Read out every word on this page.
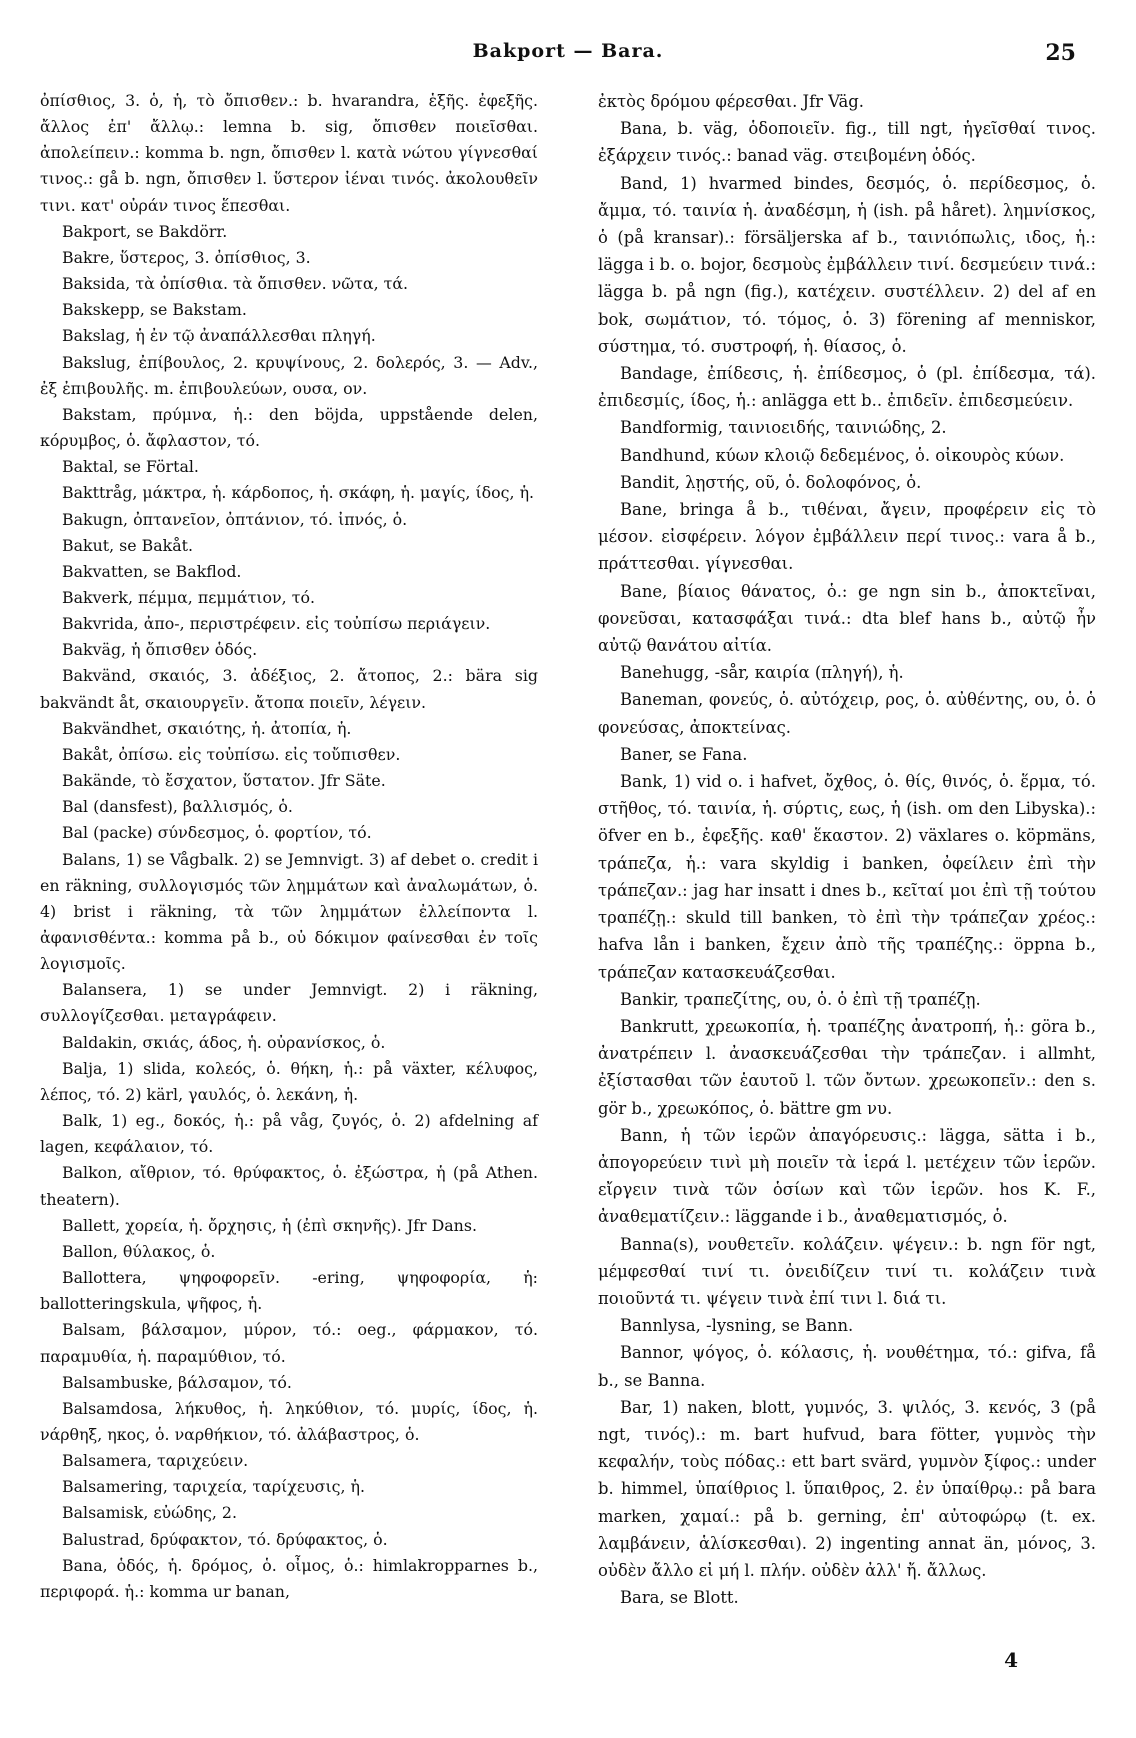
Bakport — Bara.	25

ὀπίσθιος, 3. ὁ, ἡ, τὸ ὄπισθεν.: b. hvarandra, ἑξῆς. ἐφεξῆς. ἄλλος ἐπ' ἄλλῳ.: lemna b. sig, ὄπισθεν ποιεῖσθαι. ἀπολείπειν.: komma b. ngn, ὄπισθεν l. κατὰ νώτου γίγνεσθαί τινος.: gå b. ngn, ὄπισθεν l. ὕστερον ἰέναι τινός. ἀκολουθεῖν τινι. κατ' οὐράν τινος ἕπεσθαι.

Bakport, se Bakdörr.

Bakre, ὕστερος, 3. ὀπίσθιος, 3.

Baksida, τὰ ὀπίσθια. τὰ ὄπισθεν. νῶτα, τά.

Bakskepp, se Bakstam.

Bakslag, ἡ ἐν τῷ ἀναπάλλεσθαι πληγή.

Bakslug, ἐπίβουλος, 2. κρυψίνους, 2. δολερός, 3. — Adv., ἐξ ἐπιβουλῆς. m. ἐπιβουλεύων, ουσα, ον.

Bakstam, πρύμνα, ἡ.: den böjda, uppstående delen, κόρυμβος, ὁ. ἄφλαστον, τό.

Baktal, se Förtal.

Bakttråg, μάκτρα, ἡ. κάρδοπος, ἡ. σκάφη, ἡ. μαγίς, ίδος, ἡ.

Bakugn, ὀπτανεῖον, ὀπτάνιον, τό. ἰπνός, ὁ.

Bakut, se Bakåt.

Bakvatten, se Bakflod.

Bakverk, πέμμα, πεμμάτιον, τό.

Bakvrida, ἀπο-, περιστρέφειν. εἰς τοὐπίσω περιάγειν.

Bakväg, ἡ ὄπισθεν ὁδός.

Bakvänd, σκαιός, 3. ἀδέξιος, 2. ἄτοπος, 2.: bära sig bakvändt åt, σκαιουργεῖν. ἄτοπα ποιεῖν, λέγειν.

Bakvändhet, σκαιότης, ἡ. ἀτοπία, ἡ.

Bakåt, ὀπίσω. εἰς τοὐπίσω. εἰς τοὔπισθεν.

Bakände, τὸ ἔσχατον, ὕστατον. Jfr Säte.

Bal (dansfest), βαλλισμός, ὁ.

Bal (packe) σύνδεσμος, ὁ. φορτίον, τό.

Balans, 1) se Vågbalk. 2) se Jemnvigt. 3) af debet o. credit i en räkning, συλλογισμός τῶν λημμάτων καὶ ἀναλωμάτων, ὁ. 4) brist i räkning, τὰ τῶν λημμάτων ἐλλείποντα l. ἀφανισθέντα.: komma på b., οὐ δόκιμον φαίνεσθαι ἐν τοῖς λογισμοῖς.

Balansera, 1) se under Jemnvigt. 2) i räkning, συλλογίζεσθαι. μεταγράφειν.

Baldakin, σκιάς, άδος, ἡ. οὐρανίσκος, ὁ.

Balja, 1) slida, κολεός, ὁ. θήκη, ἡ.: på växter, κέλυφος, λέπος, τό. 2) kärl, γαυλός, ὁ. λεκάνη, ἡ.

Balk, 1) eg., δοκός, ἡ.: på våg, ζυγός, ὁ. 2) afdelning af lagen, κεφάλαιον, τό.

Balkon, αἴθριον, τό. θρύφακτος, ὁ. ἐξώστρα, ἡ (på Athen. theatern).

Ballett, χορεία, ἡ. ὄρχησις, ἡ (ἐπὶ σκηνῆς). Jfr Dans.

Ballon, θύλακος, ὁ.

Ballottera, ψηφοφορεῖν. -ering, ψηφοφορία, ἡ: ballotteringskula, ψῆφος, ἡ.

Balsam, βάλσαμον, μύρον, τό.: oeg., φάρμακον, τό. παραμυθία, ἡ. παραμύθιον, τό.

Balsambuske, βάλσαμον, τό.

Balsamdosa, λήκυθος, ἡ. ληκύθιον, τό. μυρίς, ίδος, ἡ. νάρθηξ, ηκος, ὁ. ναρθήκιον, τό. ἀλάβαστρος, ὁ.

Balsamera, ταριχεύειν.

Balsamering, ταριχεία, ταρίχευσις, ἡ.

Balsamisk, εὐώδης, 2.

Balustrad, δρύφακτον, τό. δρύφακτος, ὁ.

Bana, ὁδός, ἡ. δρόμος, ὁ. οἶμος, ὁ.: himlakropparnes b., περιφορά. ἡ.: komma ur banan,

ἐκτὸς δρόμου φέρεσθαι. Jfr Väg.

Bana, b. väg, ὁδοποιεῖν. fig., till ngt, ἡγεῖσθαί τινος. ἐξάρχειν τινός.: banad väg. στειβομένη ὁδός.

Band, 1) hvarmed bindes, δεσμός, ὁ. περίδεσμος, ὁ. ἄμμα, τό. ταινία ἡ. ἀναδέσμη, ἡ (ish. på håret). λημνίσκος, ὁ (på kransar).: försäljerska af b., ταινιόπωλις, ιδος, ἡ.: lägga i b. o. bojor, δεσμοὺς ἐμβάλλειν τινί. δεσμεύειν τινά.: lägga b. på ngn (fig.), κατέχειν. συστέλλειν. 2) del af en bok, σωμάτιον, τό. τόμος, ὁ. 3) förening af menniskor, σύστημα, τό. συστροφή, ἡ. θίασος, ὁ.

Bandage, ἐπίδεσις, ἡ. ἐπίδεσμος, ὁ (pl. ἐπίδεσμα, τά). ἐπιδεσμίς, ίδος, ἡ.: anlägga ett b.. ἐπιδεῖν. ἐπιδεσμεύειν.

Bandformig, ταινιοειδής, ταινιώδης, 2.

Bandhund, κύων κλοιῷ δεδεμένος, ὁ. οἰκουρὸς κύων.

Bandit, λῃστής, οῦ, ὁ. δολοφόνος, ὁ.

Bane, bringa å b., τιθέναι, ἄγειν, προφέρειν εἰς τὸ μέσον. εἰσφέρειν. λόγον ἐμβάλλειν περί τινος.: vara å b., πράττεσθαι. γίγνεσθαι.

Bane, βίαιος θάνατος, ὁ.: ge ngn sin b., ἀποκτεῖναι, φονεῦσαι, κατασφάξαι τινά.: dta blef hans b., αὐτῷ ἦν αὐτῷ θανάτου αἰτία.

Banehugg, -sår, καιρία (πληγή), ἡ.

Baneman, φονεύς, ὁ. αὐτόχειρ, ρος, ὁ. αὐθέντης, ου, ὁ. ὁ φονεύσας, ἀποκτείνας.

Baner, se Fana.

Bank, 1) vid o. i hafvet, ὄχθος, ὁ. θίς, θινός, ὁ. ἕρμα, τό. στῆθος, τό. ταινία, ἡ. σύρτις, εως, ἡ (ish. om den Libyska).: öfver en b., ἐφεξῆς. καθ' ἕκαστον. 2) växlares o. köpmäns, τράπεζα, ἡ.: vara skyldig i banken, ὀφείλειν ἐπὶ τὴν τράπεζαν.: jag har insatt i dnes b., κεῖταί μοι ἐπὶ τῇ τούτου τραπέζῃ.: skuld till banken, τὸ ἐπὶ τὴν τράπεζαν χρέος.: hafva lån i banken, ἔχειν ἀπὸ τῆς τραπέζης.: öppna b., τράπεζαν κατασκευάζεσθαι.

Bankir, τραπεζίτης, ου, ὁ. ὁ ἐπὶ τῇ τραπέζῃ.

Bankrutt, χρεωκοπία, ἡ. τραπέζης ἀνατροπή, ἡ.: göra b., ἀνατρέπειν l. ἀνασκευάζεσθαι τὴν τράπεζαν. i allmht, ἐξίστασθαι τῶν ἑαυτοῦ l. τῶν ὄντων. χρεωκοπεῖν.: den s. gör b., χρεωκόπος, ὁ. bättre gm νυ.

Bann, ἡ τῶν ἱερῶν ἀπαγόρευσις.: lägga, sätta i b., ἀπογορεύειν τινὶ μὴ ποιεῖν τὰ ἱερά l. μετέχειν τῶν ἱερῶν. εἴργειν τινὰ τῶν ὁσίων καὶ τῶν ἱερῶν. hos K. F., ἀναθεματίζειν.: läggande i b., ἀναθεματισμός, ὁ.

Banna(s), νουθετεῖν. κολάζειν. ψέγειν.: b. ngn för ngt, μέμφεσθαί τινί τι. ὀνειδίζειν τινί τι. κολάζειν τινὰ ποιοῦντά τι. ψέγειν τινὰ ἐπί τινι l. διά τι.

Bannlysa, -lysning, se Bann.

Bannor, ψόγος, ὁ. κόλασις, ἡ. νουθέτημα, τό.: gifva, få b., se Banna.

Bar, 1) naken, blott, γυμνός, 3. ψιλός, 3. κενός, 3 (på ngt, τινός).: m. bart hufvud, bara fötter, γυμνὸς τὴν κεφαλήν, τοὺς πόδας.: ett bart svärd, γυμνὸν ξίφος.: under b. himmel, ὑπαίθριος l. ὕπαιθρος, 2. ἐν ὑπαίθρῳ.: på bara marken, χαμαί.: på b. gerning, ἐπ' αὐτοφώρῳ (t. ex. λαμβάνειν, ἁλίσκεσθαι). 2) ingenting annat än, μόνος, 3. οὐδὲν ἄλλο εἰ μή l. πλήν. οὐδὲν ἀλλ' ἤ. ἄλλως.

Bara, se Blott.

4
